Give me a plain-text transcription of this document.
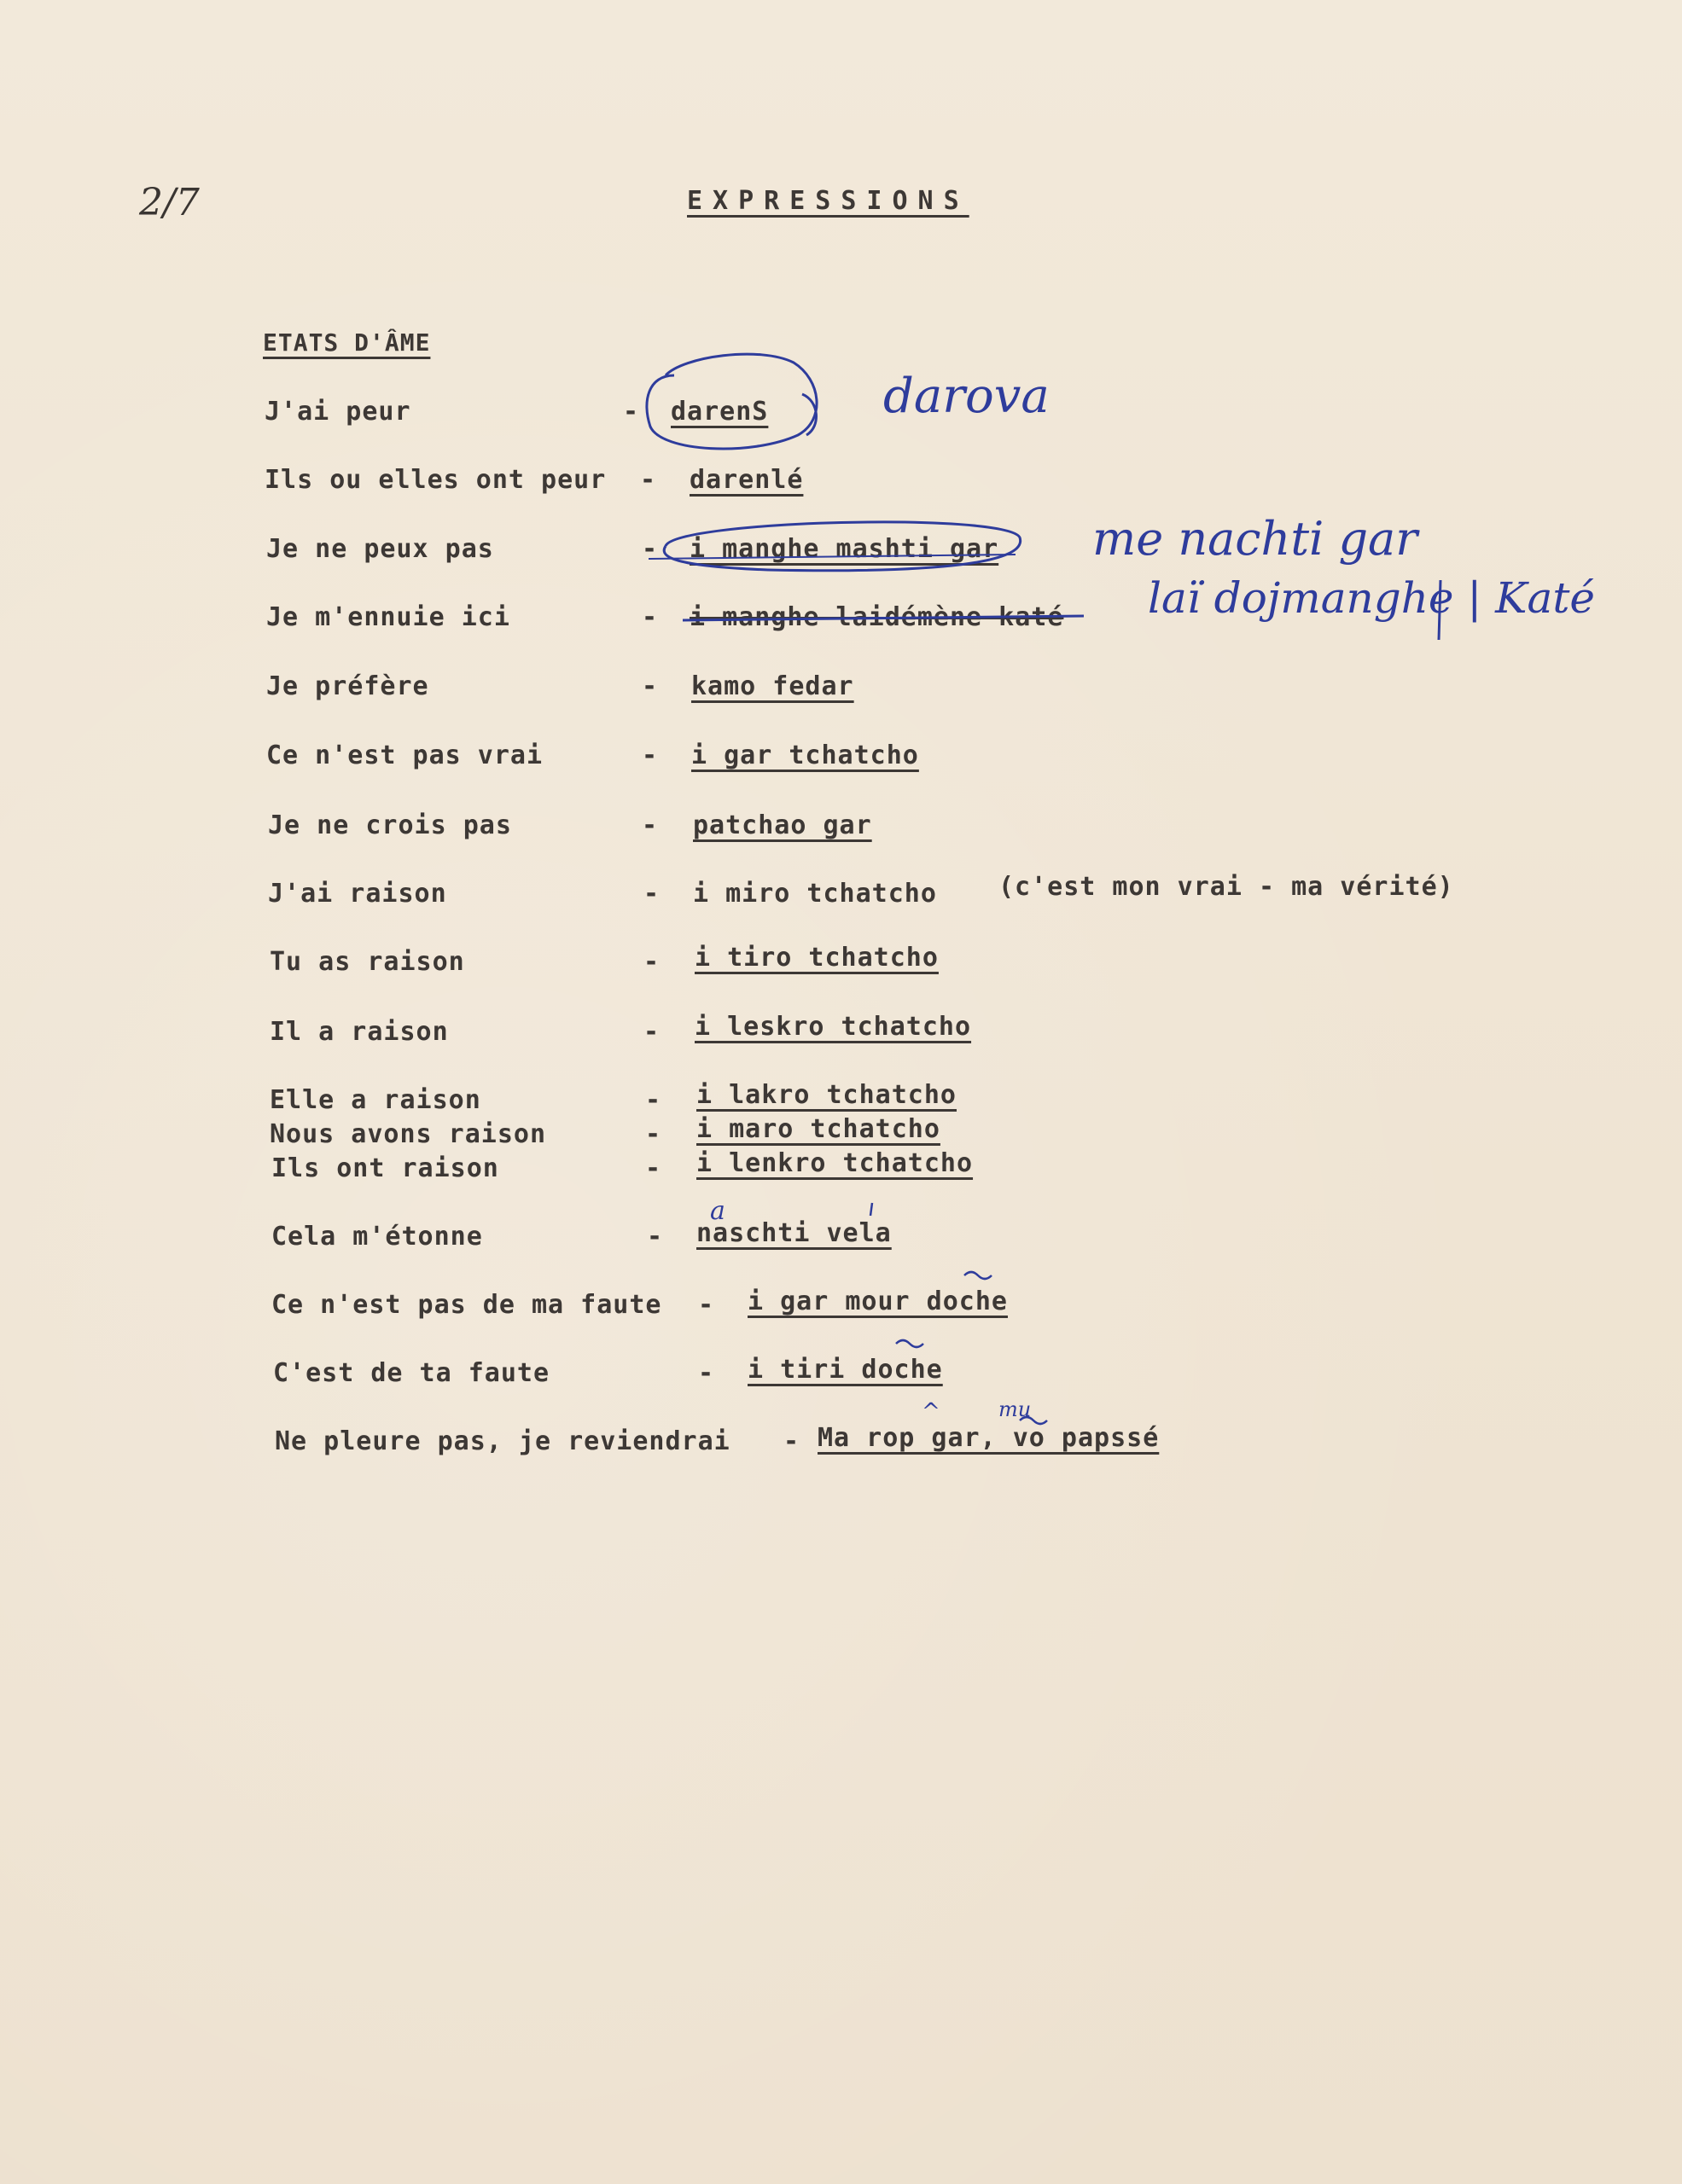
2/7	EXPRESSIONS
ETATS D'ÂME
J'ai peur	- darenS
Ils ou elles ont peur - darenlé
Je ne peux pas	- i manghe mashti gar
Je m'ennuie ici	- i manghe laidémène katé
Je préfère	- kamo fedar
Ce n'est pas vrai	- i gar tchatcho
Je ne crois pas	- patchao gar
J'ai raison	- i miro tchatcho (c'est mon vrai - ma vérité)
Tu as raison	- i tiro tchatcho
Il a raison	- i leskro tchatcho
Elle a raison	- i lakro tchatcho
Nous avons raison	- i maro tchatcho
Ils ont raison	- i lenkro tchatcho
Cela m'étonne	- naschti vela
Ce n'est pas de ma faute - i gar mour doche
C'est de ta faute	- i tiri doche
Ne pleure pas, je reviendrai - Ma rop gar, vo papssé
darova
me nachti gar
laï dojmanghe | Katé
a
mu
^
